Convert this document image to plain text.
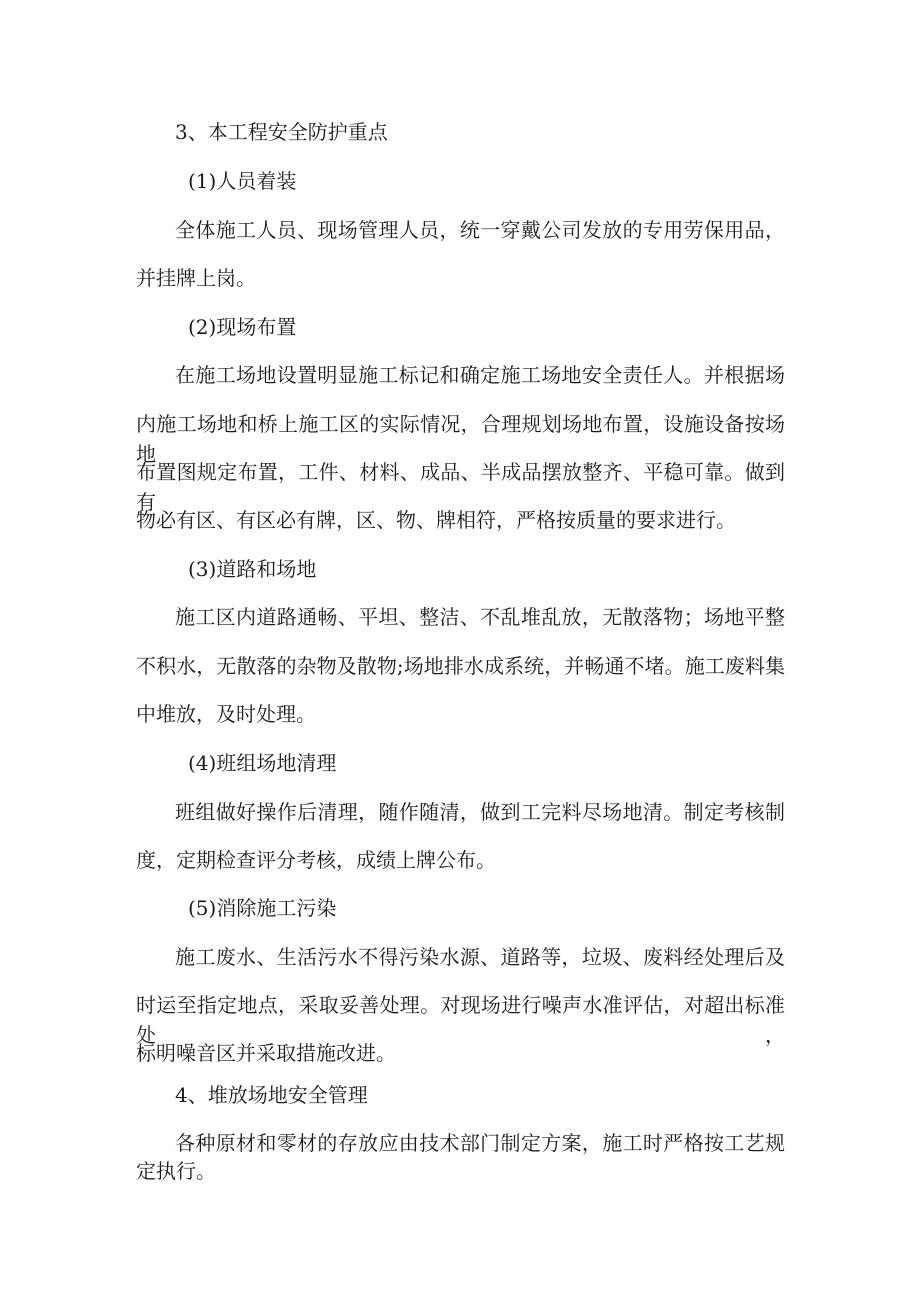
3、本工程安全防护重点

(1)人员着装

全体施工人员、现场管理人员，统一穿戴公司发放的专用劳保用品，

并挂牌上岗。

(2)现场布置

在施工场地设置明显施工标记和确定施工场地安全责任人。并根据场

内施工场地和桥上施工区的实际情况，合理规划场地布置，设施设备按场地

布置图规定布置，工件、材料、成品、半成品摆放整齐、平稳可靠。做到有

物必有区、有区必有牌，区、物、牌相符，严格按质量的要求进行。

(3)道路和场地

施工区内道路通畅、平坦、整洁、不乱堆乱放，无散落物；场地平整

不积水，无散落的杂物及散物;场地排水成系统，并畅通不堵。施工废料集

中堆放，及时处理。

(4)班组场地清理

班组做好操作后清理，随作随清，做到工完料尽场地清。制定考核制

度，定期检查评分考核，成绩上牌公布。

(5)消除施工污染

施工废水、生活污水不得污染水源、道路等，垃圾、废料经处理后及

时运至指定地点，采取妥善处理。对现场进行噪声水准评估，对超出标准处，

标明噪音区并采取措施改进。

4、堆放场地安全管理

各种原材和零材的存放应由技术部门制定方案，施工时严格按工艺规

定执行。
